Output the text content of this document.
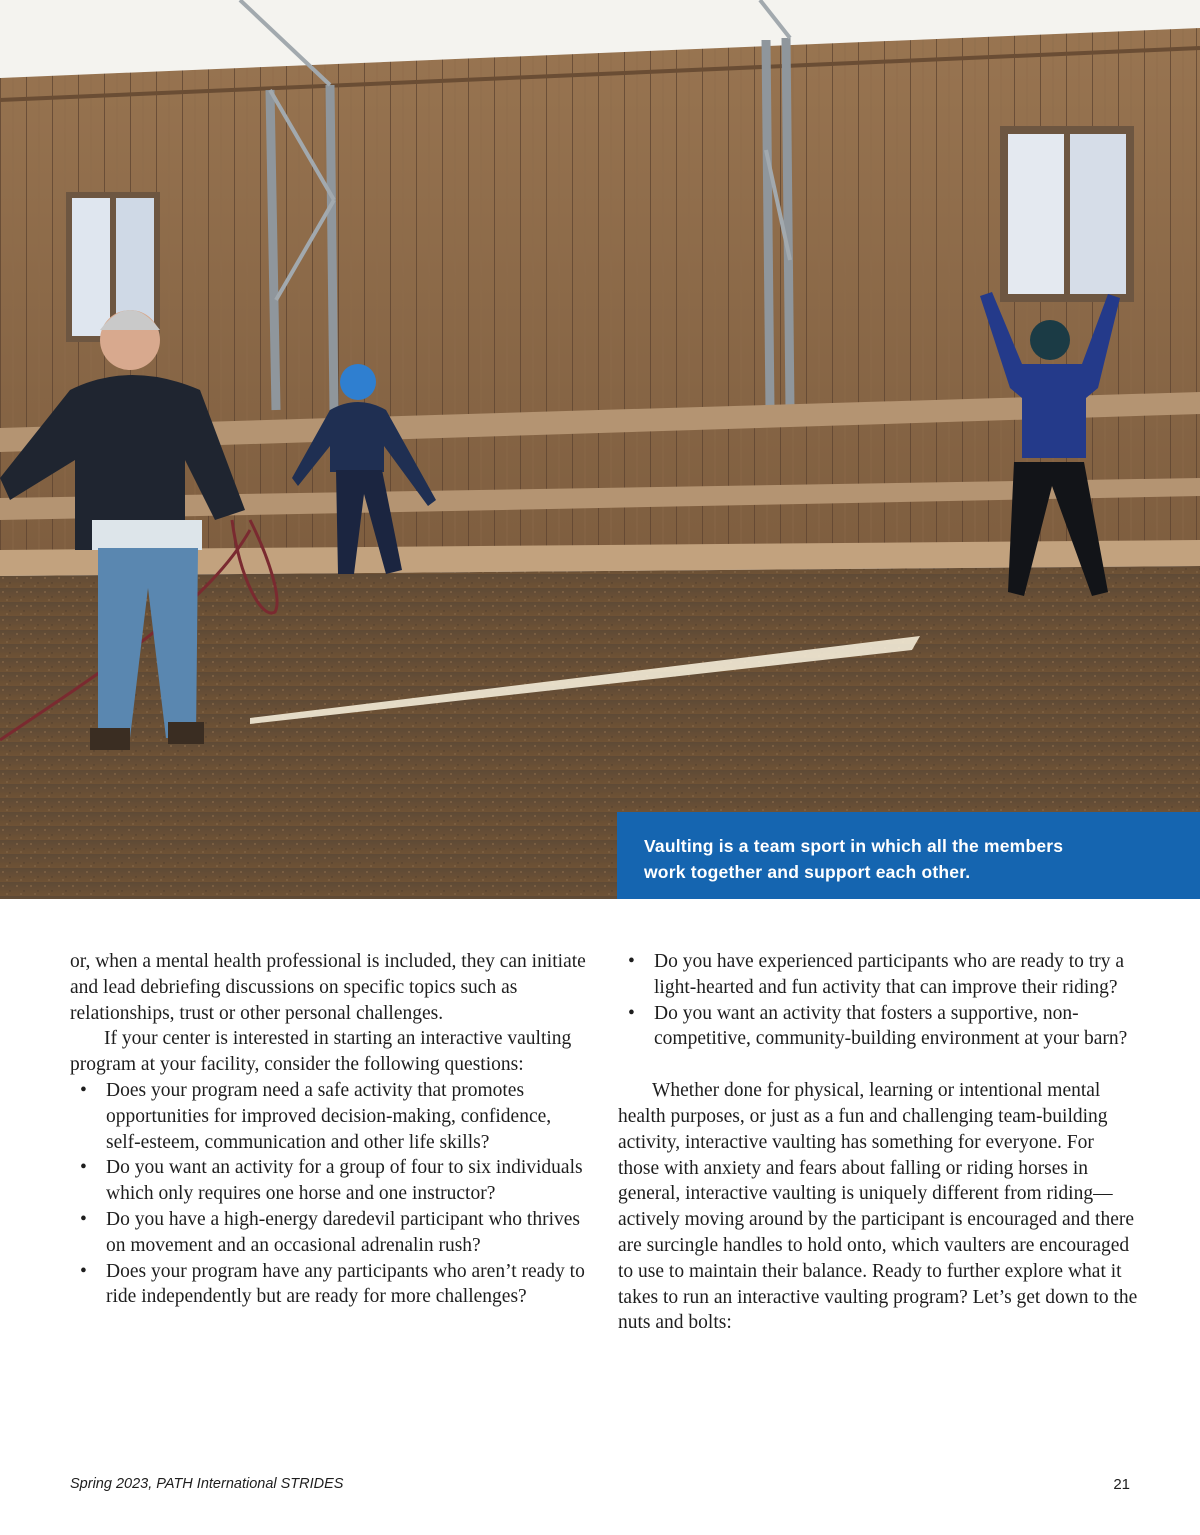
Vaulting is a team sport in which all the members
work together and support each other.

or, when a mental health professional is included, they can initiate and lead debriefing discussions on specific topics such as relationships, trust or other personal challenges.

If your center is interested in starting an interactive vaulting program at your facility, consider the following questions:

• Does your program need a safe activity that promotes opportunities for improved decision-making, confidence, self-esteem, communication and other life skills?
• Do you want an activity for a group of four to six individuals which only requires one horse and one instructor?
• Do you have a high-energy daredevil participant who thrives on movement and an occasional adrenalin rush?
• Does your program have any participants who aren’t ready to ride independently but are ready for more challenges?
• Do you have experienced participants who are ready to try a light-hearted and fun activity that can improve their riding?
• Do you want an activity that fosters a supportive, non-competitive, community-building environment at your barn?

Whether done for physical, learning or intentional mental health purposes, or just as a fun and challenging team-building activity, interactive vaulting has something for everyone. For those with anxiety and fears about falling or riding horses in general, interactive vaulting is uniquely different from riding—actively moving around by the participant is encouraged and there are surcingle handles to hold onto, which vaulters are encouraged to use to maintain their balance. Ready to further explore what it takes to run an interactive vaulting program? Let’s get down to the nuts and bolts:

Spring 2023, PATH International STRIDES	21
